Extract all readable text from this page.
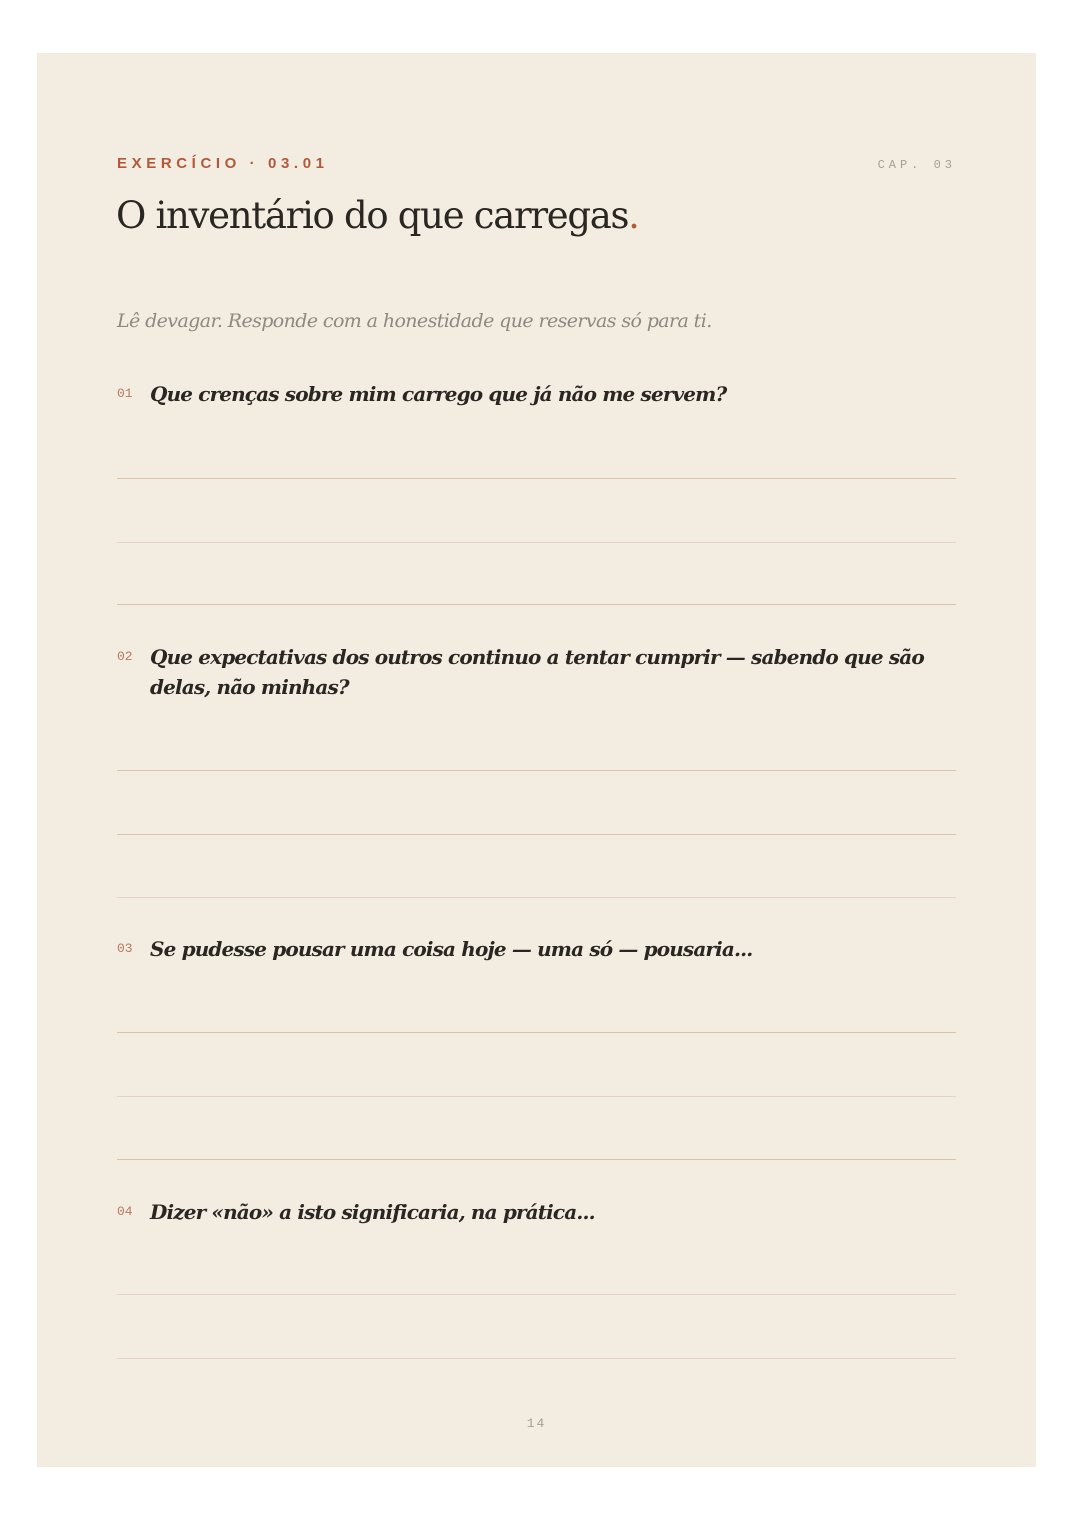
EXERCÍCIO · 03.01	CAP. 03
O inventário do que carregas.
Lê devagar. Responde com a honestidade que reservas só para ti.
01 Que crenças sobre mim carrego que já não me servem?
02 Que expectativas dos outros continuo a tentar cumprir — sabendo que são delas, não minhas?
03 Se pudesse pousar uma coisa hoje — uma só — pousaria...
04 Dizer «não» a isto significaria, na prática...
14
